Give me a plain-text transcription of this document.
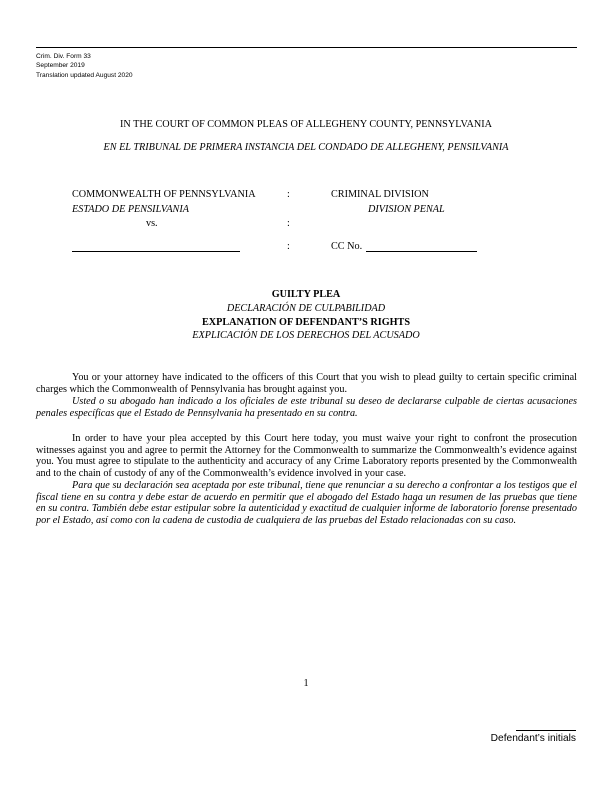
Crim. Div. Form 33
September 2019
Translation updated August 2020
IN THE COURT OF COMMON PLEAS OF ALLEGHENY COUNTY, PENNSYLVANIA
EN EL TRIBUNAL DE PRIMERA INSTANCIA DEL CONDADO DE ALLEGHENY, PENSILVANIA
COMMONWEALTH OF PENNSYLVANIA
ESTADO DE PENSILVANIA
vs.
:
:
:
CRIMINAL DIVISION
DIVISION PENAL
CC No.
GUILTY PLEA
DECLARACIÓN DE CULPABILIDAD
EXPLANATION OF DEFENDANT’S RIGHTS
EXPLICACIÓN DE LOS DERECHOS DEL ACUSADO

You or your attorney have indicated to the officers of this Court that you wish to plead guilty to certain specific criminal charges which the Commonwealth of Pennsylvania has brought against you.

Usted o su abogado han indicado a los oficiales de este tribunal su deseo de declararse culpable de ciertas acusaciones penales específicas que el Estado de Pennsylvania ha presentado en su contra.

In order to have your plea accepted by this Court here today, you must waive your right to confront the prosecution witnesses against you and agree to permit the Attorney for the Commonwealth to summarize the Commonwealth’s evidence against you. You must agree to stipulate to the authenticity and accuracy of any Crime Laboratory reports presented by the Commonwealth and to the chain of custody of any of the Commonwealth’s evidence involved in your case.

Para que su declaración sea aceptada por este tribunal, tiene que renunciar a su derecho a confrontar a los testigos que el fiscal tiene en su contra y debe estar de acuerdo en permitir que el abogado del Estado haga un resumen de las pruebas que tiene en su contra. También debe estar estipular sobre la autenticidad y exactitud de cualquier informe de laboratorio forense presentado por el Estado, así como con la cadena de custodia de cualquiera de las pruebas del Estado relacionadas con su caso.

1
Defendant’s initials
